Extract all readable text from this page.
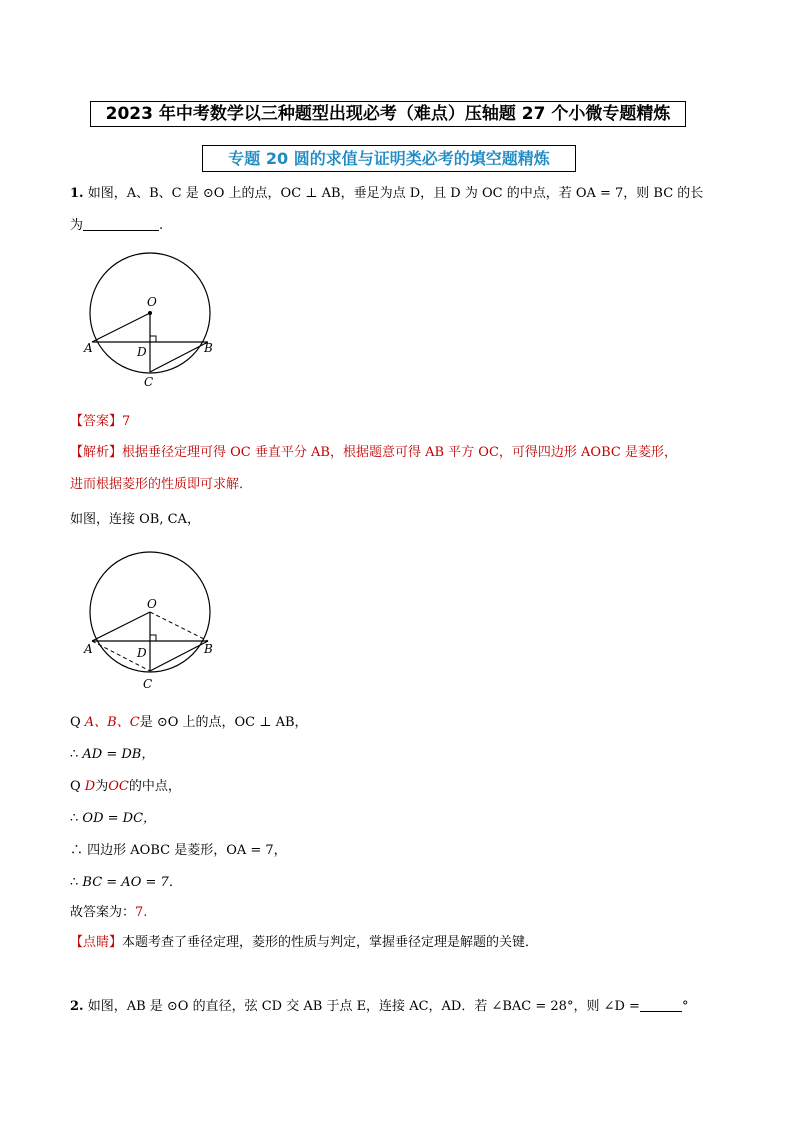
2023 年中考数学以三种题型出现必考（难点）压轴题 27 个小微专题精炼
专题 20 圆的求值与证明类必考的填空题精炼
1. 如图，A、B、C 是 ⊙O 上的点，OC ⊥ AB，垂足为点 D，且 D 为 OC 的中点，若 OA = 7，则 BC 的长
为	.
O
A	B
D
C
【答案】7
【解析】根据垂径定理可得 OC 垂直平分 AB，根据题意可得 AB 平方 OC，可得四边形 AOBC 是菱形，
进而根据菱形的性质即可求解．
如图，连接 OB, CA，
O
A	B
D
C
Q A、B、C是 ⊙O 上的点，OC ⊥ AB，
∴ AD = DB，
Q D为OC的中点，
∴ OD = DC，
∴ 四边形 AOBC 是菱形，OA = 7，
∴ BC = AO = 7．
故答案为：7.
【点睛】本题考查了垂径定理，菱形的性质与判定，掌握垂径定理是解题的关键．
2. 如图，AB 是 ⊙O 的直径，弦 CD 交 AB 于点 E，连接 AC，AD．若 ∠BAC = 28°，则 ∠D =	°
